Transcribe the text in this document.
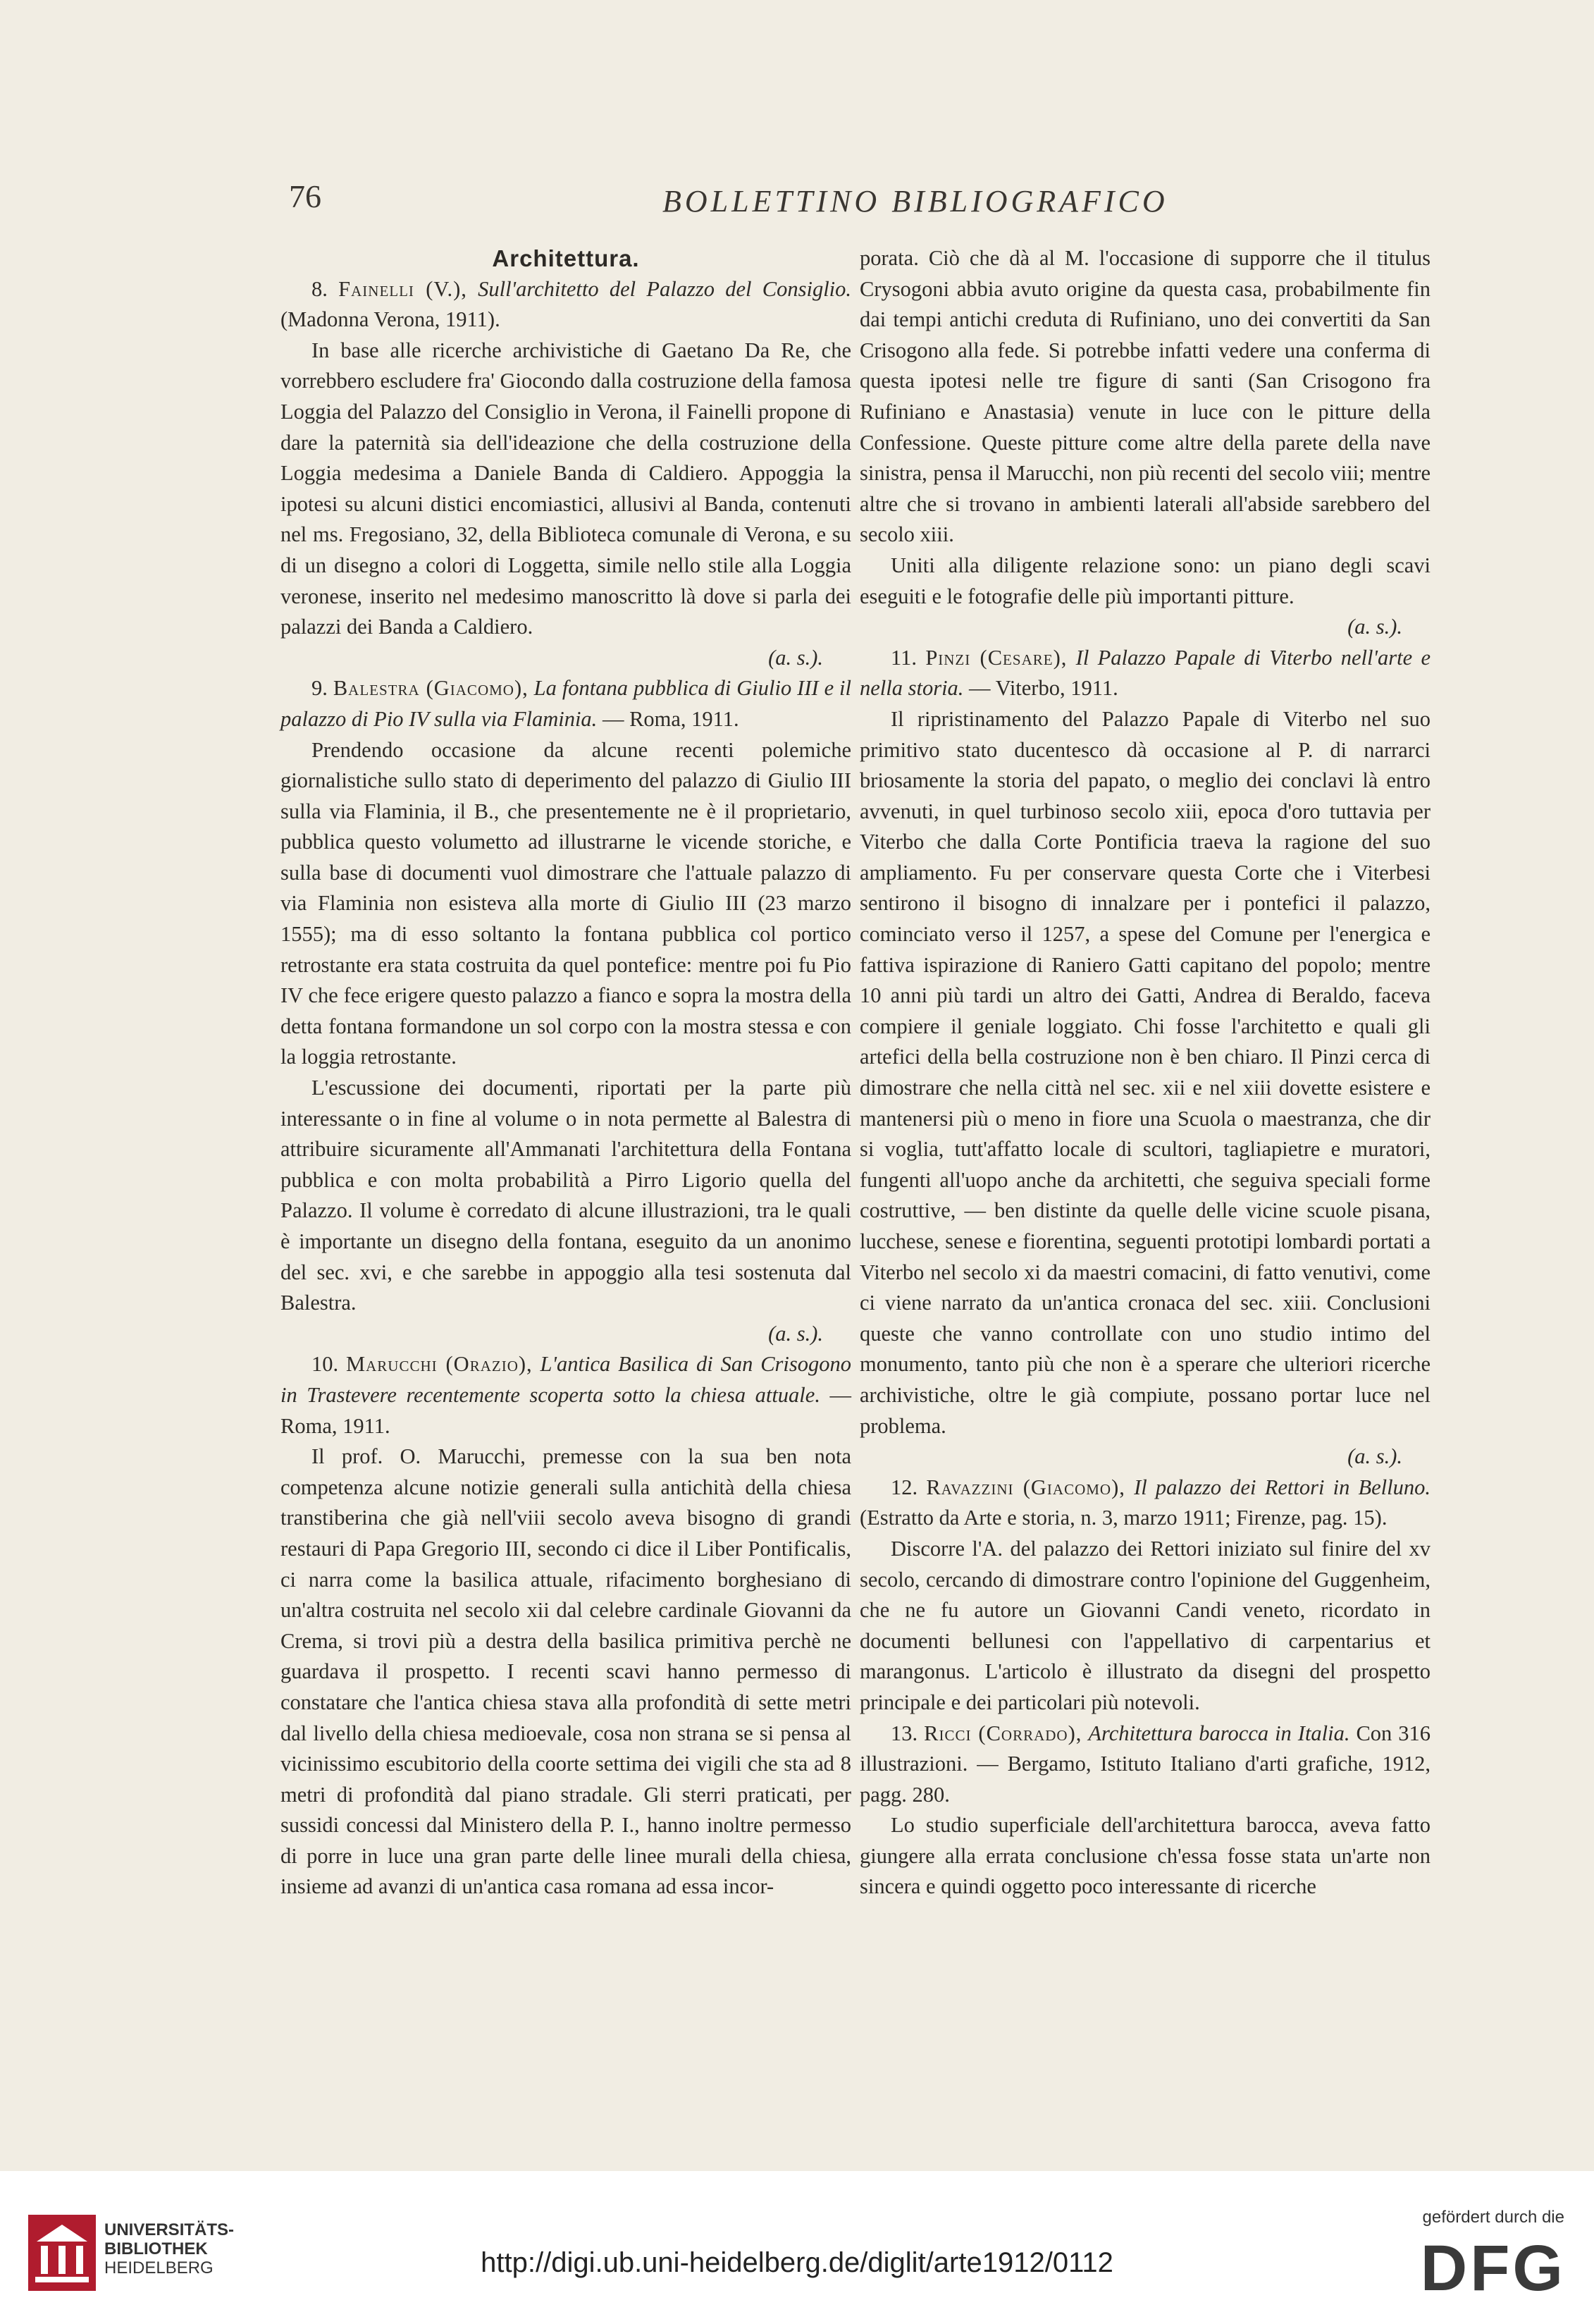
76	BOLLETTINO BIBLIOGRAFICO

Architettura.

8. Fainelli (V.), Sull'architetto del Palazzo del Consiglio. (Madonna Verona, 1911).

In base alle ricerche archivistiche di Gaetano Da Re, che vorrebbero escludere fra' Giocondo dalla costruzione della famosa Loggia del Palazzo del Consiglio in Verona, il Fainelli propone di dare la paternità sia dell'ideazione che della costruzione della Loggia medesima a Daniele Banda di Caldiero. Appoggia la ipotesi su alcuni distici encomiastici, allusivi al Banda, contenuti nel ms. Fregosiano, 32, della Biblioteca comunale di Verona, e su di un disegno a colori di Loggetta, simile nello stile alla Loggia veronese, inserito nel medesimo manoscritto là dove si parla dei palazzi dei Banda a Caldiero.

(a. s.).

9. Balestra (Giacomo), La fontana pubblica di Giulio III e il palazzo di Pio IV sulla via Flaminia. — Roma, 1911.

Prendendo occasione da alcune recenti polemiche giornalistiche sullo stato di deperimento del palazzo di Giulio III sulla via Flaminia, il B., che presentemente ne è il proprietario, pubblica questo volumetto ad illustrarne le vicende storiche, e sulla base di documenti vuol dimostrare che l'attuale palazzo di via Flaminia non esisteva alla morte di Giulio III (23 marzo 1555); ma di esso soltanto la fontana pubblica col portico retrostante era stata costruita da quel pontefice: mentre poi fu Pio IV che fece erigere questo palazzo a fianco e sopra la mostra della detta fontana formandone un sol corpo con la mostra stessa e con la loggia retrostante.

L'escussione dei documenti, riportati per la parte più interessante o in fine al volume o in nota permette al Balestra di attribuire sicuramente all'Ammanati l'architettura della Fontana pubblica e con molta probabilità a Pirro Ligorio quella del Palazzo. Il volume è corredato di alcune illustrazioni, tra le quali è importante un disegno della fontana, eseguito da un anonimo del sec. xvi, e che sarebbe in appoggio alla tesi sostenuta dal Balestra.

(a. s.).

10. Marucchi (Orazio), L'antica Basilica di San Crisogono in Trastevere recentemente scoperta sotto la chiesa attuale. — Roma, 1911.

Il prof. O. Marucchi, premesse con la sua ben nota competenza alcune notizie generali sulla antichità della chiesa transtiberina che già nell'viii secolo aveva bisogno di grandi restauri di Papa Gregorio III, secondo ci dice il Liber Pontificalis, ci narra come la basilica attuale, rifacimento borghesiano di un'altra costruita nel secolo xii dal celebre cardinale Giovanni da Crema, si trovi più a destra della basilica primitiva perchè ne guardava il prospetto. I recenti scavi hanno permesso di constatare che l'antica chiesa stava alla profondità di sette metri dal livello della chiesa medioevale, cosa non strana se si pensa al vicinissimo escubitorio della coorte settima dei vigili che sta ad 8 metri di profondità dal piano stradale. Gli sterri praticati, per sussidi concessi dal Ministero della P. I., hanno inoltre permesso di porre in luce una gran parte delle linee murali della chiesa, insieme ad avanzi di un'antica casa romana ad essa incor-

porata. Ciò che dà al M. l'occasione di supporre che il titulus Crysogoni abbia avuto origine da questa casa, probabilmente fin dai tempi antichi creduta di Rufiniano, uno dei convertiti da San Crisogono alla fede. Si potrebbe infatti vedere una conferma di questa ipotesi nelle tre figure di santi (San Crisogono fra Rufiniano e Anastasia) venute in luce con le pitture della Confessione. Queste pitture come altre della parete della nave sinistra, pensa il Marucchi, non più recenti del secolo viii; mentre altre che si trovano in ambienti laterali all'abside sarebbero del secolo xiii.

Uniti alla diligente relazione sono: un piano degli scavi eseguiti e le fotografie delle più importanti pitture.

(a. s.).

11. Pinzi (Cesare), Il Palazzo Papale di Viterbo nell'arte e nella storia. — Viterbo, 1911.

Il ripristinamento del Palazzo Papale di Viterbo nel suo primitivo stato ducentesco dà occasione al P. di narrarci briosamente la storia del papato, o meglio dei conclavi là entro avvenuti, in quel turbinoso secolo xiii, epoca d'oro tuttavia per Viterbo che dalla Corte Pontificia traeva la ragione del suo ampliamento. Fu per conservare questa Corte che i Viterbesi sentirono il bisogno di innalzare per i pontefici il palazzo, cominciato verso il 1257, a spese del Comune per l'energica e fattiva ispirazione di Raniero Gatti capitano del popolo; mentre 10 anni più tardi un altro dei Gatti, Andrea di Beraldo, faceva compiere il geniale loggiato. Chi fosse l'architetto e quali gli artefici della bella costruzione non è ben chiaro. Il Pinzi cerca di dimostrare che nella città nel sec. xii e nel xiii dovette esistere e mantenersi più o meno in fiore una Scuola o maestranza, che dir si voglia, tutt'affatto locale di scultori, tagliapietre e muratori, fungenti all'uopo anche da architetti, che seguiva speciali forme costruttive, — ben distinte da quelle delle vicine scuole pisana, lucchese, senese e fiorentina, seguenti prototipi lombardi portati a Viterbo nel secolo xi da maestri comacini, di fatto venutivi, come ci viene narrato da un'antica cronaca del sec. xiii. Conclusioni queste che vanno controllate con uno studio intimo del monumento, tanto più che non è a sperare che ulteriori ricerche archivistiche, oltre le già compiute, possano portar luce nel problema.

(a. s.).

12. Ravazzini (Giacomo), Il palazzo dei Rettori in Belluno. (Estratto da Arte e storia, n. 3, marzo 1911; Firenze, pag. 15).

Discorre l'A. del palazzo dei Rettori iniziato sul finire del xv secolo, cercando di dimostrare contro l'opinione del Guggenheim, che ne fu autore un Giovanni Candi veneto, ricordato in documenti bellunesi con l'appellativo di carpentarius et marangonus. L'articolo è illustrato da disegni del prospetto principale e dei particolari più notevoli.

13. Ricci (Corrado), Architettura barocca in Italia. Con 316 illustrazioni. — Bergamo, Istituto Italiano d'arti grafiche, 1912, pagg. 280.

Lo studio superficiale dell'architettura barocca, aveva fatto giungere alla errata conclusione ch'essa fosse stata un'arte non sincera e quindi oggetto poco interessante di ricerche

UNIVERSITÄTS-
BIBLIOTHEK
HEIDELBERG	http://digi.ub.uni-heidelberg.de/diglit/arte1912/0112
gefördert durch die
DFG
